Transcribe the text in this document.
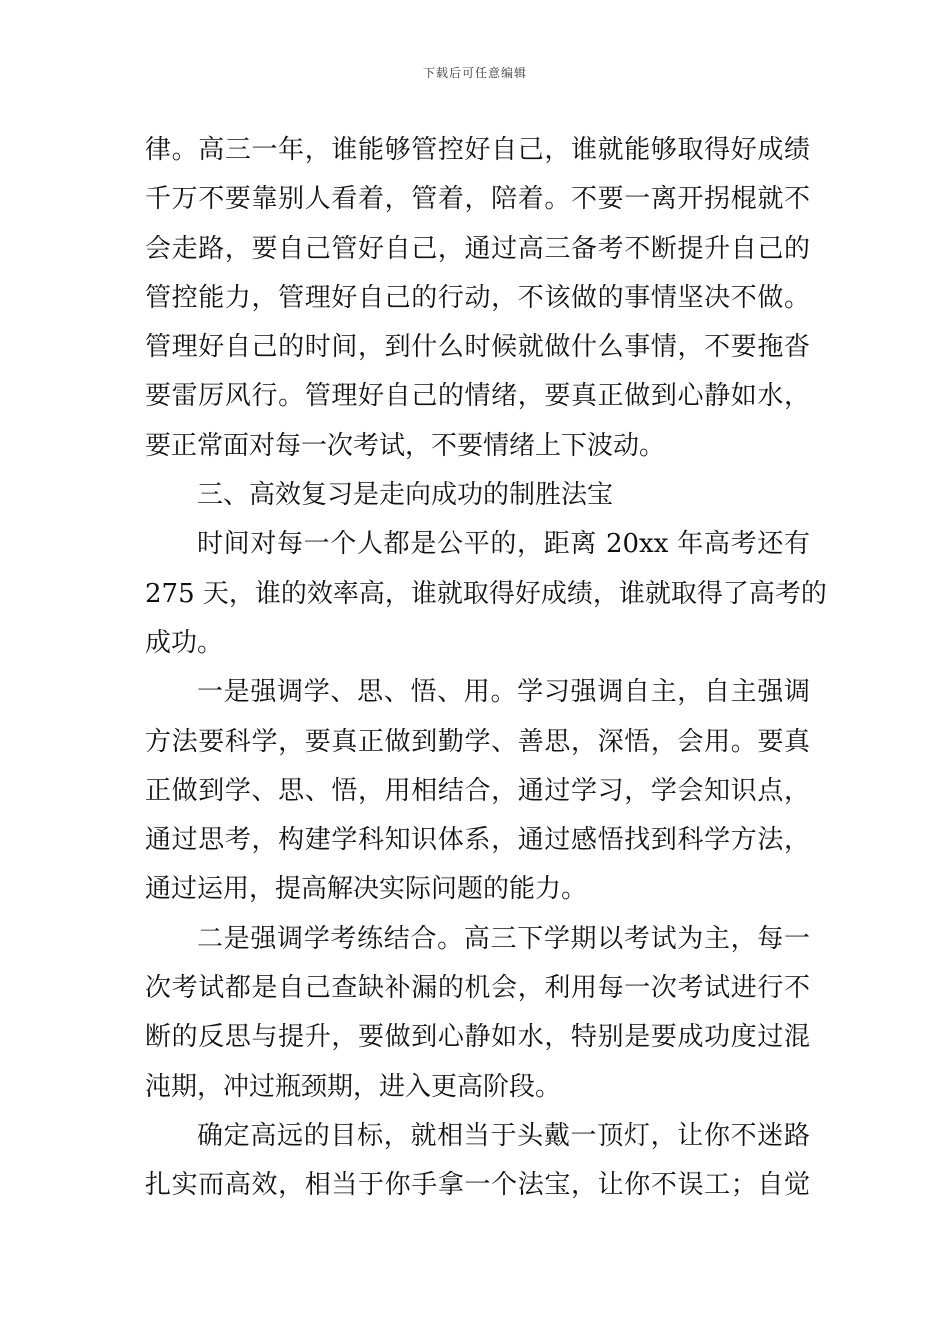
下载后可任意编辑
律。高三一年，谁能够管控好自己，谁就能够取得好成绩
千万不要靠别人看着，管着，陪着。不要一离开拐棍就不
会走路，要自己管好自己，通过高三备考不断提升自己的
管控能力，管理好自己的行动，不该做的事情坚决不做。
管理好自己的时间，到什么时候就做什么事情，不要拖沓
要雷厉风行。管理好自己的情绪，要真正做到心静如水，
要正常面对每一次考试，不要情绪上下波动。
三、高效复习是走向成功的制胜法宝
时间对每一个人都是公平的，距离 20xx 年高考还有
275 天，谁的效率高，谁就取得好成绩，谁就取得了高考的
成功。
一是强调学、思、悟、用。学习强调自主，自主强调
方法要科学，要真正做到勤学、善思，深悟，会用。要真
正做到学、思、悟，用相结合，通过学习，学会知识点，
通过思考，构建学科知识体系，通过感悟找到科学方法，
通过运用，提高解决实际问题的能力。
二是强调学考练结合。高三下学期以考试为主，每一
次考试都是自己查缺补漏的机会，利用每一次考试进行不
断的反思与提升，要做到心静如水，特别是要成功度过混
沌期，冲过瓶颈期，进入更高阶段。
确定高远的目标，就相当于头戴一顶灯，让你不迷路
扎实而高效，相当于你手拿一个法宝，让你不误工；自觉
